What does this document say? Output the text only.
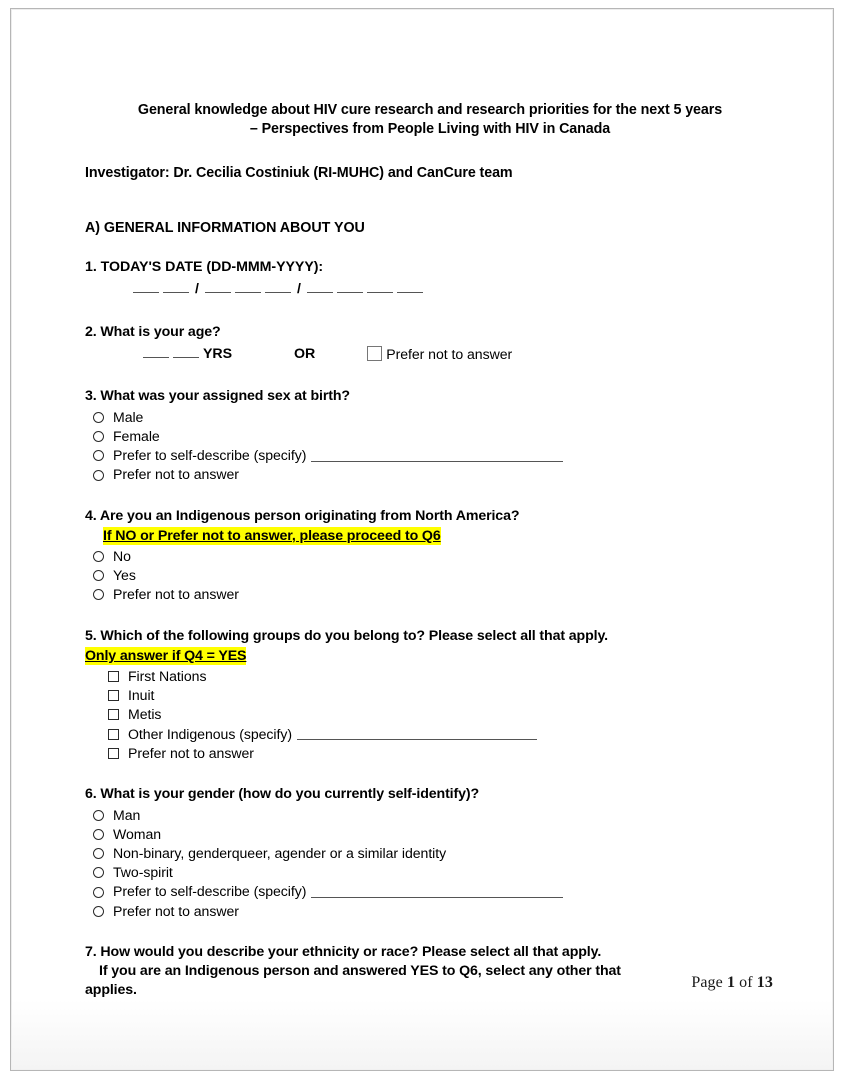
General knowledge about HIV cure research and research priorities for the next 5 years
– Perspectives from People Living with HIV in Canada
Investigator: Dr. Cecilia Costiniuk (RI-MUHC) and CanCure team
A) GENERAL INFORMATION ABOUT YOU
1. TODAY'S DATE (DD-MMM-YYYY):
/	/
2. What is your age?
YRS	OR	Prefer not to answer
3. What was your assigned sex at birth?
Male
Female
Prefer to self-describe (specify)
Prefer not to answer
4. Are you an Indigenous person originating from North America?
If NO or Prefer not to answer, please proceed to Q6
No
Yes
Prefer not to answer
5. Which of the following groups do you belong to? Please select all that apply.
Only answer if Q4 = YES
First Nations
Inuit
Metis
Other Indigenous (specify)
Prefer not to answer
6. What is your gender (how do you currently self-identify)?
Man
Woman
Non-binary, genderqueer, agender or a similar identity
Two-spirit
Prefer to self-describe (specify)
Prefer not to answer
7. How would you describe your ethnicity or race? Please select all that apply.
If you are an Indigenous person and answered YES to Q6, select any other that
applies.	Page 1 of 13
